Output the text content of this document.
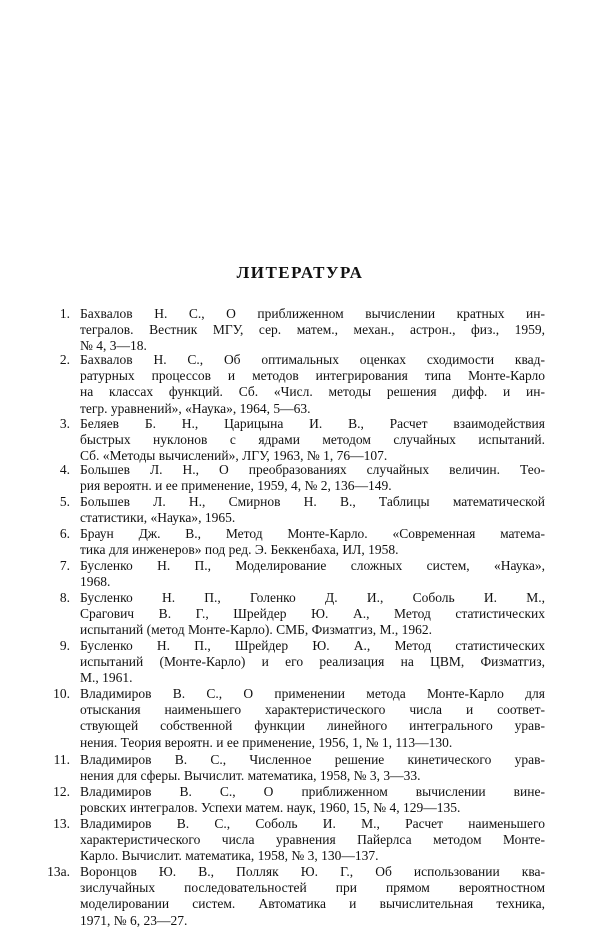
ЛИТЕРАТУРА
1. Бахвалов Н. С., О приближенном вычислении кратных ин-
тегралов. Вестник МГУ, сер. матем., механ., астрон., физ., 1959,
№ 4, 3—18.
2. Бахвалов Н. С., Об оптимальных оценках сходимости квад-
ратурных процессов и методов интегрирования типа Монте-Карло
на классах функций. Сб. «Числ. методы решения дифф. и ин-
тегр. уравнений», «Наука», 1964, 5—63.
3. Беляев Б. Н., Царицына И. В., Расчет взаимодействия
быстрых нуклонов с ядрами методом случайных испытаний.
Сб. «Методы вычислений», ЛГУ, 1963, № 1, 76—107.
4. Большев Л. Н., О преобразованиях случайных величин. Тео-
рия вероятн. и ее применение, 1959, 4, № 2, 136—149.
5. Большев Л. Н., Смирнов Н. В., Таблицы математической
статистики, «Наука», 1965.
6. Браун Дж. В., Метод Монте-Карло. «Современная матема-
тика для инженеров» под ред. Э. Беккенбаха, ИЛ, 1958.
7. Бусленко Н. П., Моделирование сложных систем, «Наука»,
1968.
8. Бусленко Н. П., Голенко Д. И., Соболь И. М.,
Срагович В. Г., Шрейдер Ю. А., Метод статистических
испытаний (метод Монте-Карло). СМБ, Физматгиз, М., 1962.
9. Бусленко Н. П., Шрейдер Ю. А., Метод статистических
испытаний (Монте-Карло) и его реализация на ЦВМ, Физматгиз,
М., 1961.
10. Владимиров В. С., О применении метода Монте-Карло для
отыскания наименьшего характеристического числа и соответ-
ствующей собственной функции линейного интегрального урав-
нения. Теория вероятн. и ее применение, 1956, 1, № 1, 113—130.
11. Владимиров В. С., Численное решение кинетического урав-
нения для сферы. Вычислит. математика, 1958, № 3, 3—33.
12. Владимиров В. С., О приближенном вычислении вине-
ровских интегралов. Успехи матем. наук, 1960, 15, № 4, 129—135.
13. Владимиров В. С., Соболь И. М., Расчет наименьшего
характеристического числа уравнения Пайерлса методом Монте-
Карло. Вычислит. математика, 1958, № 3, 130—137.
13а. Воронцов Ю. В., Полляк Ю. Г., Об использовании ква-
зислучайных последовательностей при прямом вероятностном
моделировании систем. Автоматика и вычислительная техника,
1971, № 6, 23—27.
